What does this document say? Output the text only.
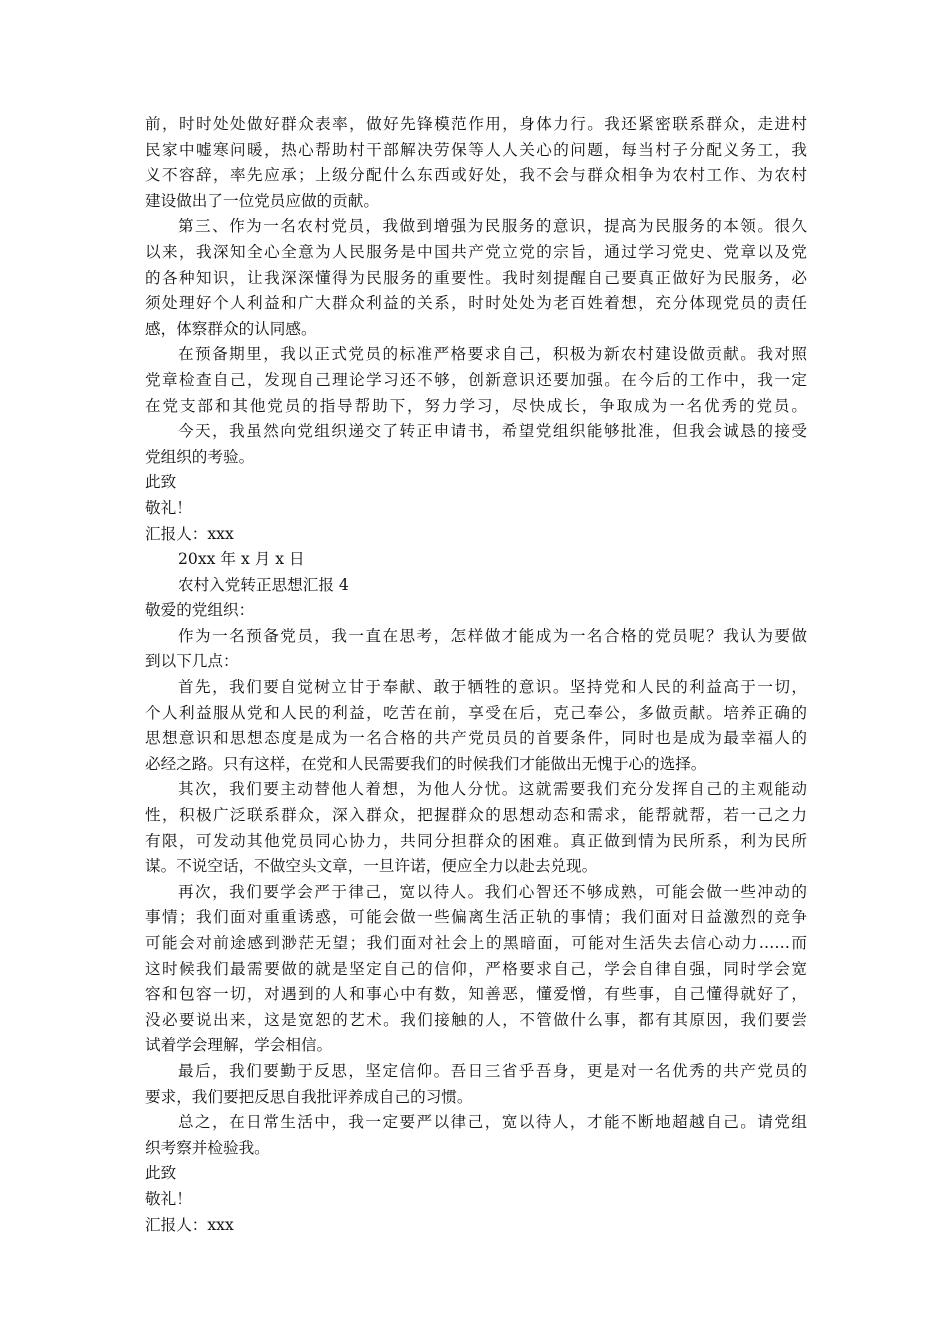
前，时时处处做好群众表率，做好先锋模范作用，身体力行。我还紧密联系群众，走进村
民家中嘘寒问暖，热心帮助村干部解决劳保等人人关心的问题，每当村子分配义务工，我
义不容辞，率先应承；上级分配什么东西或好处，我不会与群众相争为农村工作、为农村
建设做出了一位党员应做的贡献。
第三、作为一名农村党员，我做到增强为民服务的意识，提高为民服务的本领。很久
以来，我深知全心全意为人民服务是中国共产党立党的宗旨，通过学习党史、党章以及党
的各种知识，让我深深懂得为民服务的重要性。我时刻提醒自己要真正做好为民服务，必
须处理好个人利益和广大群众利益的关系，时时处处为老百姓着想，充分体现党员的责任
感，体察群众的认同感。
在预备期里，我以正式党员的标准严格要求自己，积极为新农村建设做贡献。我对照
党章检查自己，发现自己理论学习还不够，创新意识还要加强。在今后的工作中，我一定
在党支部和其他党员的指导帮助下，努力学习，尽快成长，争取成为一名优秀的党员。
今天，我虽然向党组织递交了转正申请书，希望党组织能够批准，但我会诚恳的接受
党组织的考验。
此致
敬礼！
汇报人：xxx
20xx 年 x 月 x 日
农村入党转正思想汇报 4
敬爱的党组织：
作为一名预备党员，我一直在思考，怎样做才能成为一名合格的党员呢？我认为要做
到以下几点：
首先，我们要自觉树立甘于奉献、敢于牺牲的意识。坚持党和人民的利益高于一切，
个人利益服从党和人民的利益，吃苦在前，享受在后，克己奉公，多做贡献。培养正确的
思想意识和思想态度是成为一名合格的共产党员员的首要条件，同时也是成为最幸福人的
必经之路。只有这样，在党和人民需要我们的时候我们才能做出无愧于心的选择。
其次，我们要主动替他人着想，为他人分忧。这就需要我们充分发挥自己的主观能动
性，积极广泛联系群众，深入群众，把握群众的思想动态和需求，能帮就帮，若一己之力
有限，可发动其他党员同心协力，共同分担群众的困难。真正做到情为民所系，利为民所
谋。不说空话，不做空头文章，一旦许诺，便应全力以赴去兑现。
再次，我们要学会严于律己，宽以待人。我们心智还不够成熟，可能会做一些冲动的
事情；我们面对重重诱惑，可能会做一些偏离生活正轨的事情；我们面对日益激烈的竞争
可能会对前途感到渺茫无望；我们面对社会上的黑暗面，可能对生活失去信心动力……而
这时候我们最需要做的就是坚定自己的信仰，严格要求自己，学会自律自强，同时学会宽
容和包容一切，对遇到的人和事心中有数，知善恶，懂爱憎，有些事，自己懂得就好了，
没必要说出来，这是宽恕的艺术。我们接触的人，不管做什么事，都有其原因，我们要尝
试着学会理解，学会相信。
最后，我们要勤于反思，坚定信仰。吾日三省乎吾身，更是对一名优秀的共产党员的
要求，我们要把反思自我批评养成自己的习惯。
总之，在日常生活中，我一定要严以律己，宽以待人，才能不断地超越自己。请党组
织考察并检验我。
此致
敬礼！
汇报人：xxx
